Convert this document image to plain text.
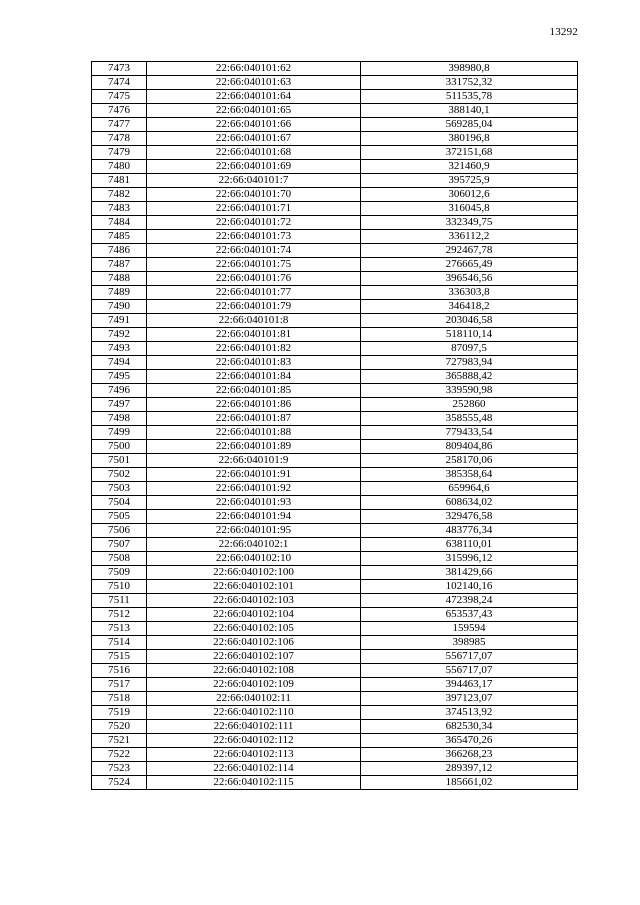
13292
7473	22:66:040101:62	398980,8
7474	22:66:040101:63	331752,32
7475	22:66:040101:64	511535,78
7476	22:66:040101:65	388140,1
7477	22:66:040101:66	569285,04
7478	22:66:040101:67	380196,8
7479	22:66:040101:68	372151,68
7480	22:66:040101:69	321460,9
7481	22:66:040101:7	395725,9
7482	22:66:040101:70	306012,6
7483	22:66:040101:71	316045,8
7484	22:66:040101:72	332349,75
7485	22:66:040101:73	336112,2
7486	22:66:040101:74	292467,78
7487	22:66:040101:75	276665,49
7488	22:66:040101:76	396546,56
7489	22:66:040101:77	336303,8
7490	22:66:040101:79	346418,2
7491	22:66:040101:8	203046,58
7492	22:66:040101:81	518110,14
7493	22:66:040101:82	87097,5
7494	22:66:040101:83	727983,94
7495	22:66:040101:84	365888,42
7496	22:66:040101:85	339590,98
7497	22:66:040101:86	252860
7498	22:66:040101:87	358555,48
7499	22:66:040101:88	779433,54
7500	22:66:040101:89	809404,86
7501	22:66:040101:9	258170,06
7502	22:66:040101:91	385358,64
7503	22:66:040101:92	659964,6
7504	22:66:040101:93	608634,02
7505	22:66:040101:94	329476,58
7506	22:66:040101:95	483776,34
7507	22:66:040102:1	638110,01
7508	22:66:040102:10	315996,12
7509	22:66:040102:100	381429,66
7510	22:66:040102:101	102140,16
7511	22:66:040102:103	472398,24
7512	22:66:040102:104	653537,43
7513	22:66:040102:105	159594
7514	22:66:040102:106	398985
7515	22:66:040102:107	556717,07
7516	22:66:040102:108	556717,07
7517	22:66:040102:109	394463,17
7518	22:66:040102:11	397123,07
7519	22:66:040102:110	374513,92
7520	22:66:040102:111	682530,34
7521	22:66:040102:112	365470,26
7522	22:66:040102:113	366268,23
7523	22:66:040102:114	289397,12
7524	22:66:040102:115	185661,02
